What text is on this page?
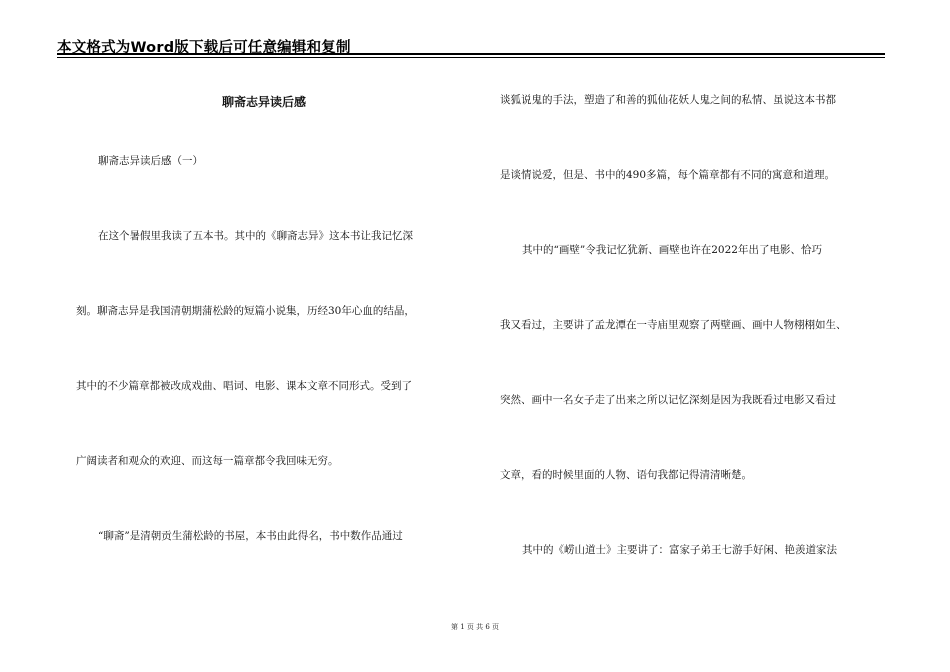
本文格式为Word版下载后可任意编辑和复制
聊斋志异读后感
聊斋志异读后感（一）
在这个暑假里我读了五本书。其中的《聊斋志异》这本书让我记忆深
刻。聊斋志异是我国清朝期蒲松龄的短篇小说集，历经30年心血的结晶，
其中的不少篇章都被改成戏曲、唱词、电影、课本文章不同形式。受到了
广阔读者和观众的欢迎、而这每一篇章都令我回味无穷。
“聊斋”是清朝贡生蒲松龄的书屋，本书由此得名，书中数作品通过
谈狐说鬼的手法，塑造了和善的狐仙花妖人鬼之间的私情、虽说这本书都
是谈情说爱，但是、书中的490多篇，每个篇章都有不同的寓意和道理。
其中的“画壁”令我记忆犹新、画壁也许在2022年出了电影、恰巧
我又看过，主要讲了孟龙潭在一寺庙里观察了两壁画、画中人物栩栩如生、
突然、画中一名女子走了出来之所以记忆深刻是因为我既看过电影又看过
文章，看的时候里面的人物、语句我都记得清清晰楚。
其中的《崂山道士》主要讲了：富家子弟王七游手好闲、艳羡道家法
第 1 页 共 6 页
